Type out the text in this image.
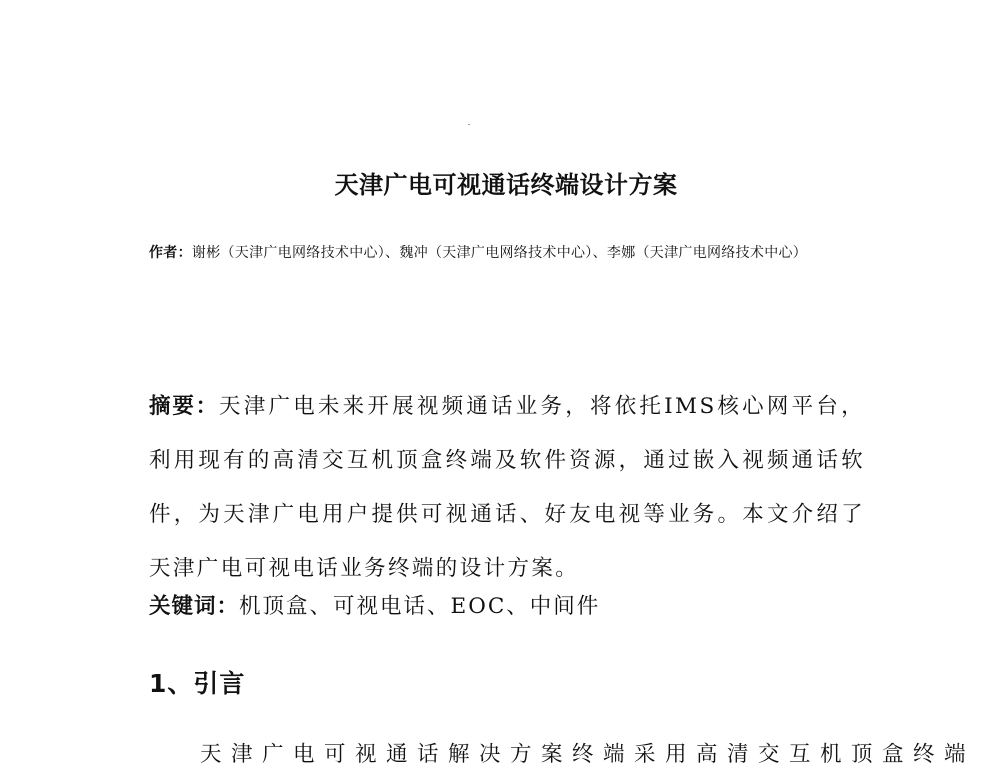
天津广电可视通话终端设计方案
作者：谢彬（天津广电网络技术中心）、魏冲（天津广电网络技术中心）、李娜（天津广电网络技术中心）
摘要：天津广电未来开展视频通话业务，将依托IMS核心网平台，利用现有的高清交互机顶盒终端及软件资源，通过嵌入视频通话软件，为天津广电用户提供可视通话、好友电视等业务。本文介绍了天津广电可视电话业务终端的设计方案。
关键词：机顶盒、可视电话、EOC、中间件
1、引言
天津广电可视通话解决方案终端采用高清交互机顶盒终端
